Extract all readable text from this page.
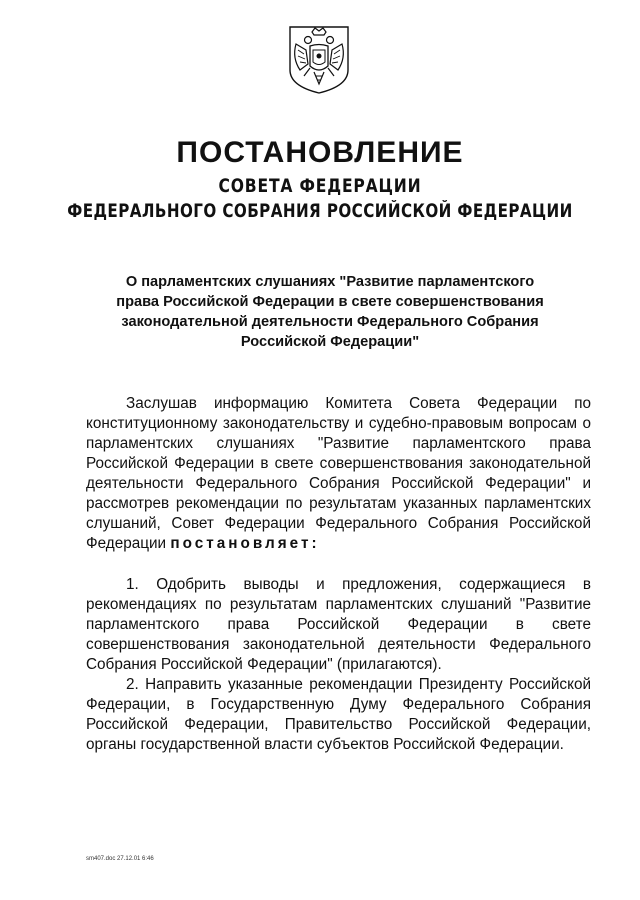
ПОСТАНОВЛЕНИЕ
СОВЕТА ФЕДЕРАЦИИ
ФЕДЕРАЛЬНОГО СОБРАНИЯ РОССИЙСКОЙ ФЕДЕРАЦИИ
О парламентских слушаниях "Развитие парламентского
права Российской Федерации в свете совершенствования
законодательной деятельности Федерального Собрания
Российской Федерации"
Заслушав информацию Комитета Совета Федерации по конституционному законодательству и судебно-правовым вопросам о парламентских слушаниях "Развитие парламентского права Российской Федерации в свете совершенствования законодательной деятельности Федерального Собрания Российской Федерации" и рассмотрев рекомендации по результатам указанных парламентских слушаний, Совет Федерации Федерального Собрания Российской Федерации постановляет:
1. Одобрить выводы и предложения, содержащиеся в рекомендациях по результатам парламентских слушаний "Развитие парламентского права Российской Федерации в свете совершенствования законодательной деятельности Федерального Собрания Российской Федерации" (прилагаются).
2. Направить указанные рекомендации Президенту Российской Федерации, в Государственную Думу Федерального Собрания Российской Федерации, Правительство Российской Федерации, органы государственной власти субъектов Российской Федерации.
sm407.doc 27.12.01 6:46
